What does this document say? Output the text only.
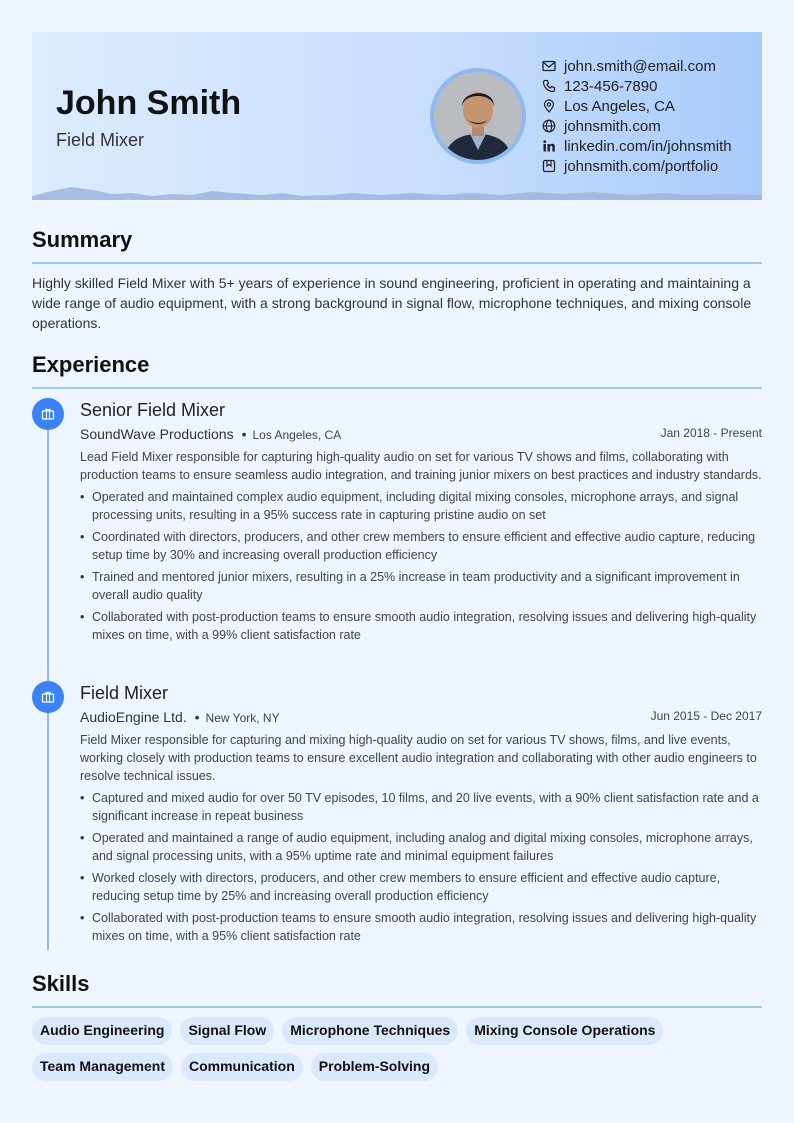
John Smith
Field Mixer
john.smith@email.com
123-456-7890
Los Angeles, CA
johnsmith.com
linkedin.com/in/johnsmith
johnsmith.com/portfolio
Summary
Highly skilled Field Mixer with 5+ years of experience in sound engineering, proficient in operating and maintaining a wide range of audio equipment, with a strong background in signal flow, microphone techniques, and mixing console operations.
Experience
Senior Field Mixer
SoundWave Productions • Los Angeles, CA	Jan 2018 - Present
Lead Field Mixer responsible for capturing high-quality audio on set for various TV shows and films, collaborating with production teams to ensure seamless audio integration, and training junior mixers on best practices and industry standards.
• Operated and maintained complex audio equipment, including digital mixing consoles, microphone arrays, and signal processing units, resulting in a 95% success rate in capturing pristine audio on set
• Coordinated with directors, producers, and other crew members to ensure efficient and effective audio capture, reducing setup time by 30% and increasing overall production efficiency
• Trained and mentored junior mixers, resulting in a 25% increase in team productivity and a significant improvement in overall audio quality
• Collaborated with post-production teams to ensure smooth audio integration, resolving issues and delivering high-quality mixes on time, with a 99% client satisfaction rate
Field Mixer
AudioEngine Ltd. • New York, NY	Jun 2015 - Dec 2017
Field Mixer responsible for capturing and mixing high-quality audio on set for various TV shows, films, and live events, working closely with production teams to ensure excellent audio integration and collaborating with other audio engineers to resolve technical issues.
• Captured and mixed audio for over 50 TV episodes, 10 films, and 20 live events, with a 90% client satisfaction rate and a significant increase in repeat business
• Operated and maintained a range of audio equipment, including analog and digital mixing consoles, microphone arrays, and signal processing units, with a 95% uptime rate and minimal equipment failures
• Worked closely with directors, producers, and other crew members to ensure efficient and effective audio capture, reducing setup time by 25% and increasing overall production efficiency
• Collaborated with post-production teams to ensure smooth audio integration, resolving issues and delivering high-quality mixes on time, with a 95% client satisfaction rate
Skills
Audio Engineering	Signal Flow	Microphone Techniques	Mixing Console Operations
Team Management	Communication	Problem-Solving
